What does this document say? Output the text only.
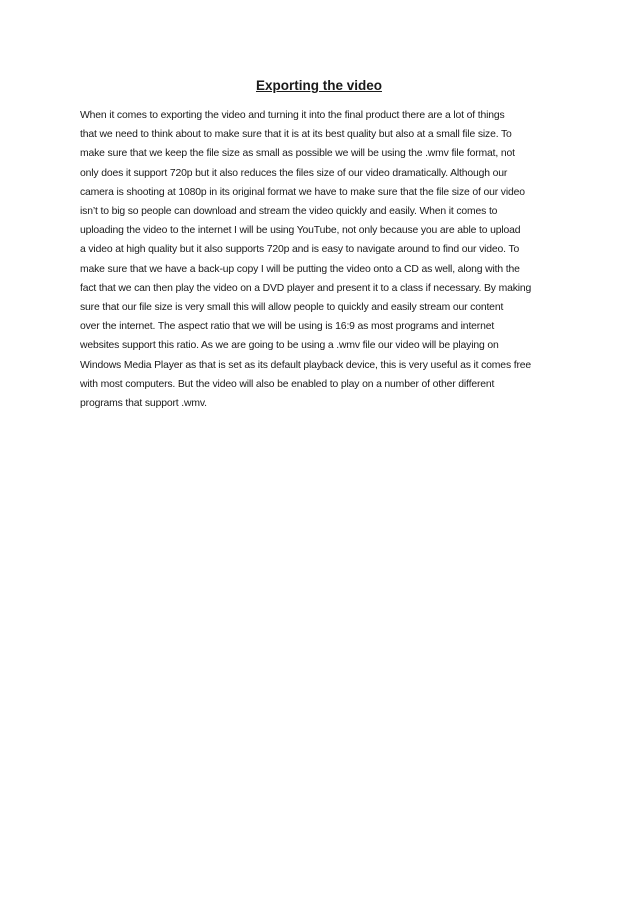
Exporting the video
When it comes to exporting the video and turning it into the final product there are a lot of things
that we need to think about to make sure that it is at its best quality but also at a small file size. To
make sure that we keep the file size as small as possible we will be using the .wmv file format, not
only does it support 720p but it also reduces the files size of our video dramatically. Although our
camera is shooting at 1080p in its original format we have to make sure that the file size of our video
isn’t to big so people can download and stream the video quickly and easily. When it comes to
uploading the video to the internet I will be using YouTube, not only because you are able to upload
a video at high quality but it also supports 720p and is easy to navigate around to find our video. To
make sure that we have a back-up copy I will be putting the video onto a CD as well, along with the
fact that we can then play the video on a DVD player and present it to a class if necessary. By making
sure that our file size is very small this will allow people to quickly and easily stream our content
over the internet. The aspect ratio that we will be using is 16:9 as most programs and internet
websites support this ratio. As we are going to be using a .wmv file our video will be playing on
Windows Media Player as that is set as its default playback device, this is very useful as it comes free
with most computers. But the video will also be enabled to play on a number of other different
programs that support .wmv.
